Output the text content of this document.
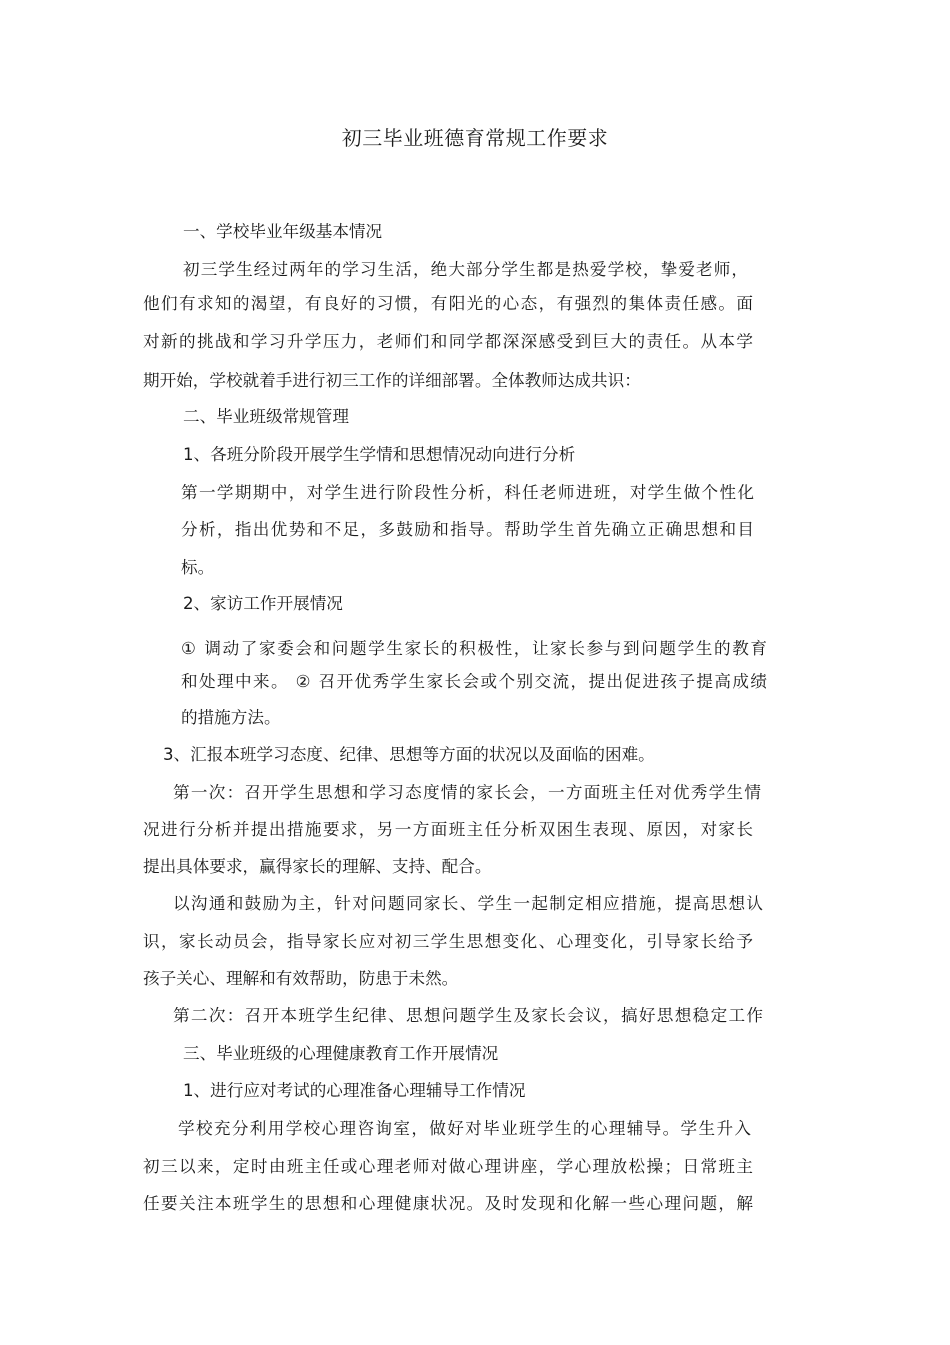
初三毕业班德育常规工作要求
一、学校毕业年级基本情况
初三学生经过两年的学习生活，绝大部分学生都是热爱学校，挚爱老师，
他们有求知的渴望，有良好的习惯，有阳光的心态，有强烈的集体责任感。面
对新的挑战和学习升学压力，老师们和同学都深深感受到巨大的责任。从本学
期开始，学校就着手进行初三工作的详细部署。全体教师达成共识：
二、毕业班级常规管理
1、各班分阶段开展学生学情和思想情况动向进行分析
第一学期期中，对学生进行阶段性分析，科任老师进班，对学生做个性化
分析，指出优势和不足，多鼓励和指导。帮助学生首先确立正确思想和目
标。
2、家访工作开展情况
① 调动了家委会和问题学生家长的积极性，让家长参与到问题学生的教育
和处理中来。 ② 召开优秀学生家长会或个别交流，提出促进孩子提高成绩
的措施方法。
3、汇报本班学习态度、纪律、思想等方面的状况以及面临的困难。
第一次：召开学生思想和学习态度情的家长会，一方面班主任对优秀学生情
况进行分析并提出措施要求，另一方面班主任分析双困生表现、原因，对家长
提出具体要求，赢得家长的理解、支持、配合。
以沟通和鼓励为主，针对问题同家长、学生一起制定相应措施，提高思想认
识，家长动员会，指导家长应对初三学生思想变化、心理变化，引导家长给予
孩子关心、理解和有效帮助，防患于未然。
第二次：召开本班学生纪律、思想问题学生及家长会议，搞好思想稳定工作
三、毕业班级的心理健康教育工作开展情况
1、进行应对考试的心理准备心理辅导工作情况
学校充分利用学校心理咨询室，做好对毕业班学生的心理辅导。学生升入
初三以来，定时由班主任或心理老师对做心理讲座，学心理放松操；日常班主
任要关注本班学生的思想和心理健康状况。及时发现和化解一些心理问题，解
